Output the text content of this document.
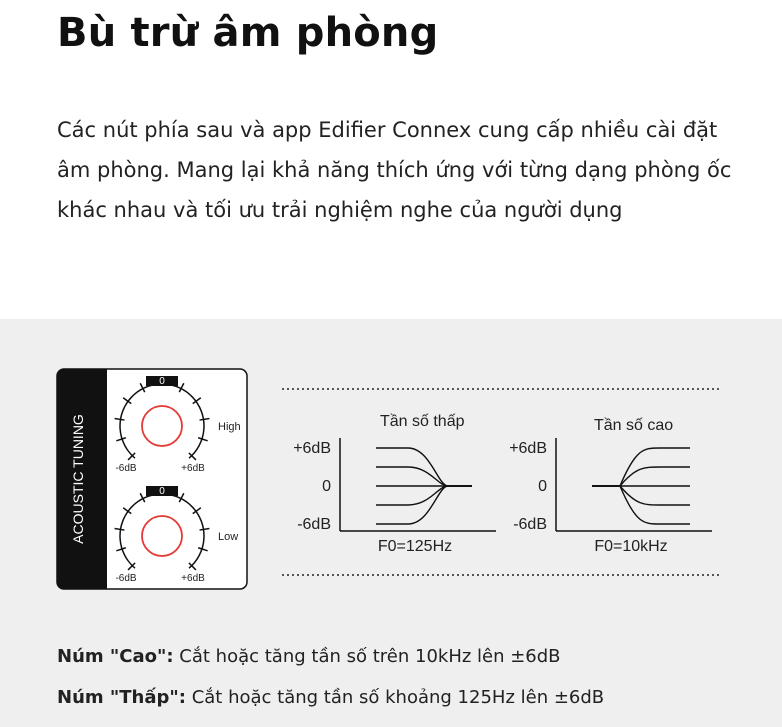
Bù trừ âm phòng

Các nút phía sau và app Edifier Connex cung cấp nhiều cài đặt âm phòng. Mang lại khả năng thích ứng với từng dạng phòng ốc khác nhau và tối ưu trải nghiệm nghe của người dụng

ACOUSTIC TUNING
0
High
-6dB	+6dB
0
Low
-6dB	+6dB
Tần số thấp
+6dB
0
-6dB
F0=125Hz
Tần số cao
+6dB
0
-6dB
F0=10kHz

Núm "Cao": Cắt hoặc tăng tần số trên 10kHz lên ±6dB

Núm "Thấp": Cắt hoặc tăng tần số khoảng 125Hz lên ±6dB
